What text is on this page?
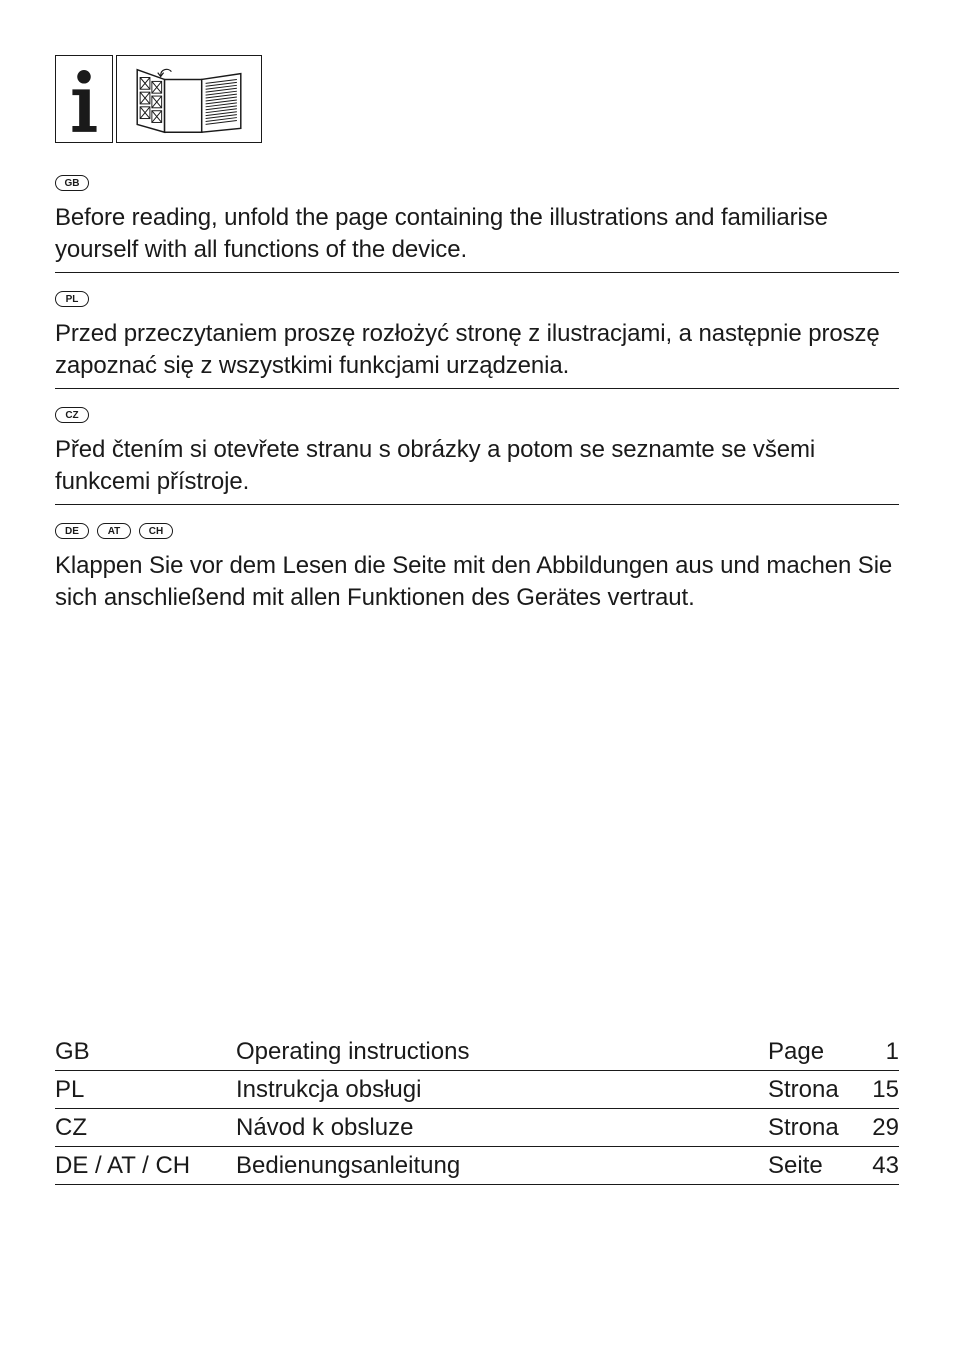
GB
Before reading, unfold the page containing the illustrations and familiarise yourself with all functions of the device.
PL
Przed przeczytaniem proszę rozłożyć stronę z ilustracjami, a następnie proszę zapoznać się z wszystkimi funkcjami urządzenia.
CZ
Před čtením si otevřete stranu s obrázky a potom se seznamte se všemi funkcemi přístroje.
DE	AT	CH
Klappen Sie vor dem Lesen die Seite mit den Abbildungen aus und machen Sie sich anschließend mit allen Funktionen des Gerätes vertraut.
GB	Operating instructions	Page	1
PL	Instrukcja obsługi	Strona	15
CZ	Návod k obsluze	Strona	29
DE / AT / CH	Bedienungsanleitung	Seite	43
